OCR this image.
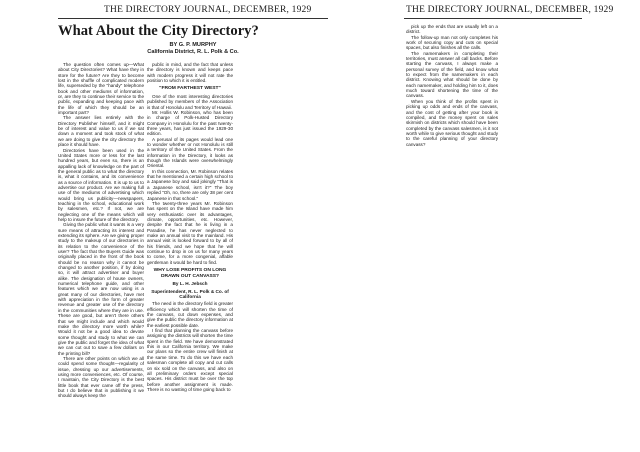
THE DIRECTORY JOURNAL, DECEMBER, 1929	THE DIRECTORY JOURNAL, DECEMBER, 1929
What About the City Directory?
BY G. P. MURPHY
California District, R. L. Polk & Co.

The question often comes up—What about City Directories? What have they in store for the future? Are they to become lost in the shuffle of complicated modern life, superseded by the "handy" telephone book and other mediums of information, or, are they to continue their service to the public, expanding and keeping pace with the life of which they should be an important part?

The answer lies entirely with the Directory Publisher himself, and it might be of interest and value to us if we sat down a moment and took stock of what we are doing to give the city directory the place it should have.

Directories have been used in the United States more or less for the last hundred years, but even so, there is an appalling lack of knowledge on the part of the general public as to what the directory is, what it contains, and its convenience as a source of information. It is up to us to advertise our product. Are we making full use of the mediums of advertising which would bring us publicity—newspapers, teaching in the school, educational work by salesmen, etc.? If not, we are neglecting one of the means which will help to insure the future of the directory.

Giving the public what it wants is a very sure means of attracting its interest and extending its sphere. Are we giving proper study to the makeup of our directories in its relation to the convenience of the user? The fact that the Buyers Guide was originally placed in the front of the book should be no reason why it cannot be changed to another position, if by doing so, it will attract advertiser and buyer alike. The designation of house owners, numerical telephone guide, and other features which we are now using is a great many of our directories, have met with appreciation in the form of greater revenue and greater use of the directory in the communities where they are in use. These are good, but aren't there others that we might include and which would make the directory more worth while? Would it not be a good idea to devote some thought and study to what we can give the public and forget the idea of what we can cut out to save a few dollars on the printing bill?

There are other points on which we all could spend some thought—regularity of issue, dressing up our advertisements, using more conveniences, etc. Of course, I maintain, the City Directory is the best little book that ever came off the press, but I do believe that in publishing it we should always keep the

public in mind, and the fact that unless the directory is known and keeps pace with modern progress it will not rate the position to which it is entitled.

"FROM FARTHEST WEST"

One of the most interesting directories published by members of the Association is that of Honolulu and Territory of Hawaii.

Mr. Hollis W. Robinson, who has been in charge of Polk-Husted Directory Company in Honolulu for the past twenty-three years, has just issued the 1929-30 edition.

A perusal of its pages would lead one to wonder whether or not Honolulu is still a territory of the United States. From the information in the Directory, it looks as though the Islands were overwhelmingly Oriental.

In this connection, Mr. Robinson relates that he mentioned a certain high school to a Japanese boy and said jokingly "That is a Japanese school, isn't it?" The boy replied "Oh, no, there are only 38 per cent Japanese in that school."

The twenty-three years Mr. Robinson has spent on the Island have made him very enthusiastic over its advantages, climate, opportunities, etc. However, despite the fact that he is living in a Paradise, he has never neglected to make an annual visit to the mainland. His annual visit is looked forward to by all of his friends, and we hope that he will continue to drop in on us for many years to come, for a more congenial, affable gentleman it would be hard to find.

WHY LOSE PROFITS ON LONG DRAWN OUT CANVASS?
By L. H. Jebsch
Superintendent, R. L. Polk & Co. of California

The need in the directory field is greater efficiency which will shorten the time of the canvass, cut down expenses, and give the public the directory information at the earliest possible date.

I find that planning the canvass before assigning the districts will shorten the time spent in the field. We have demonstrated this in our California territory. We make our plans so the entire crew will finish at the same time. To do this we have each salesman complete all copy and cut calls on six sold on the canvass, and also on all preliminary orders except special spaces. His district must be over the top before another assignment is made. There is no wasting of time going back to

pick up the ends that are usually left on a district.

The follow-up man not only completes his work of securing copy and cuts on special spaces, but also finishes all the calls.

The namemakers in completing their territories, must answer all call backs. Before starting the canvass, I always make a personal survey of the field, and know what to expect from the namemakers in each district. Knowing what should be done by each namemaker, and holding him to it, does much toward shortening the time of the canvass.

When you think of the profits spent in picking up odds and ends of the canvass, and the cost of getting after your book is compiled, and the money spent on sales skirmish on districts which should have been completed by the canvass salesmen, is it not worth while to give serious thought and study to the careful planning of your directory canvass?
